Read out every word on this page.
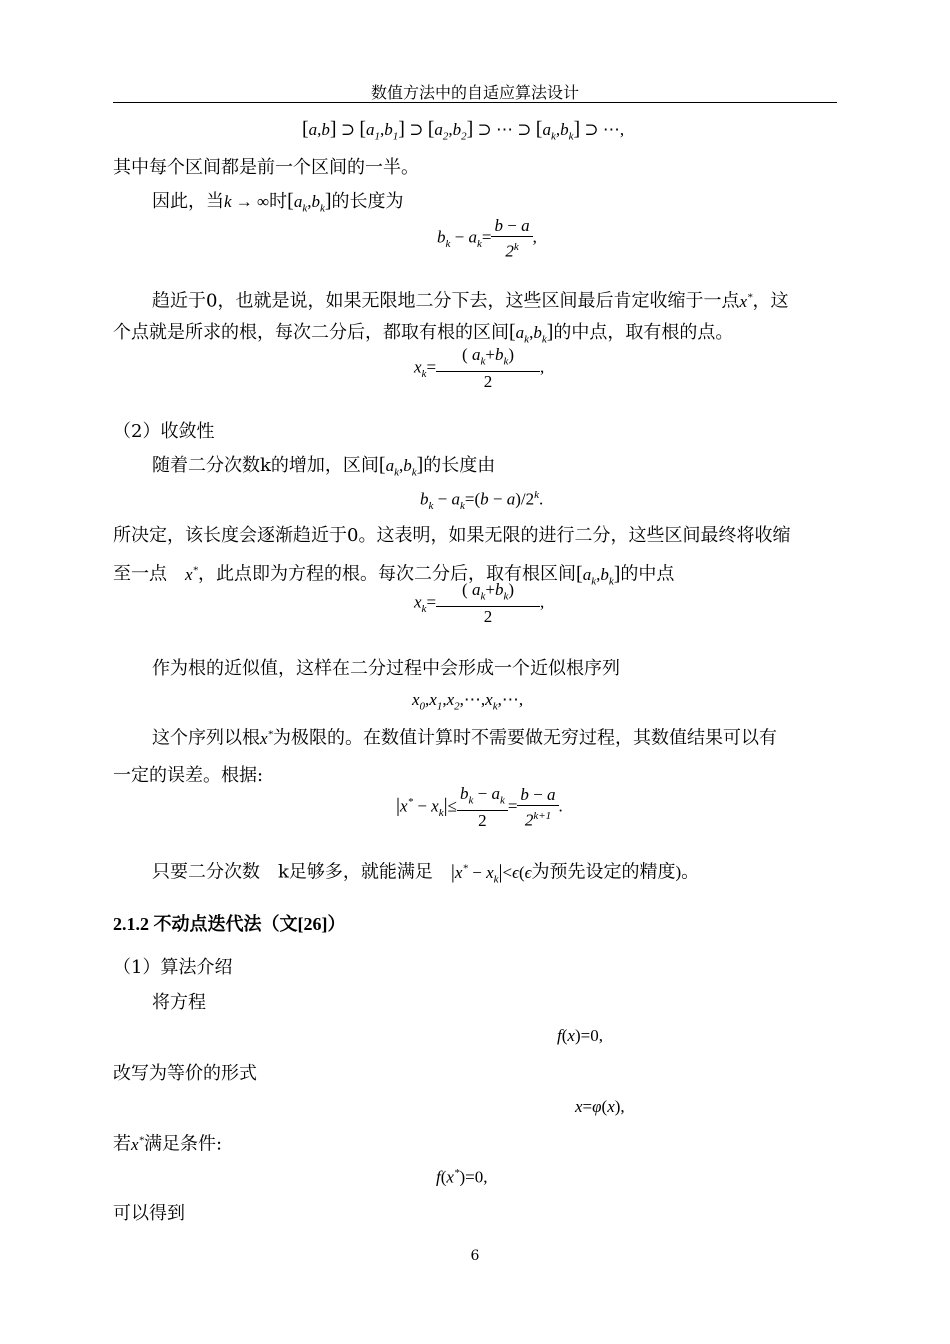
数值方法中的自适应算法设计
[a,b] ⊃ $[a_1,b_1]$ ⊃ $[a_2,b_2]$ ⊃ ⋯ ⊃ $[a_k,b_k]$ ⊃ ⋯,
其中每个区间都是前一个区间的一半。
因此，当k → ∞时$[a_k,b_k]$的长度为
$b_k - a_k= \frac{b - a}{2^k}$ ,
趋近于0，也就是说，如果无限地二分下去，这些区间最后肯定收缩于一点x*，这
个点就是所求的根，每次二分后，都取有根的区间$[a_k,b_k]$的中点，取有根的点。
$x_k= \frac{( a_k+b_k)}{2}$ ,
（2）收敛性
随着二分次数k的增加，区间$[a_k,b_k]$的长度由
$b_k - a_k=(b - a)/2^k$.
所决定，该长度会逐渐趋近于0。这表明，如果无限的进行二分，这些区间最终将收缩
至一点　x*，此点即为方程的根。每次二分后，取有根区间$[a_k,b_k]$的中点
$x_k= \frac{( a_k+b_k)}{2}$ ,
作为根的近似值，这样在二分过程中会形成一个近似根序列
$x_0,x_1,x_2,\cdots,x_k,\cdots$,
这个序列以根x*为极限的。在数值计算时不需要做无穷过程，其数值结果可以有
一定的误差。根据:
$|x^* - x_k|\le \frac{b_k - a_k}{2} = \frac{b - a}{2^{k+1}}$ .
只要二分次数　k足够多，就能满足　$|x^* - x_k|<\epsilon(\epsilon$为预先设定的精度)。
2.1.2 不动点迭代法（文[26]）
（1）算法介绍
将方程
f(x)=0,
改写为等价的形式
x=φ(x),
若x*满足条件:
f(x*)=0,
可以得到
6
